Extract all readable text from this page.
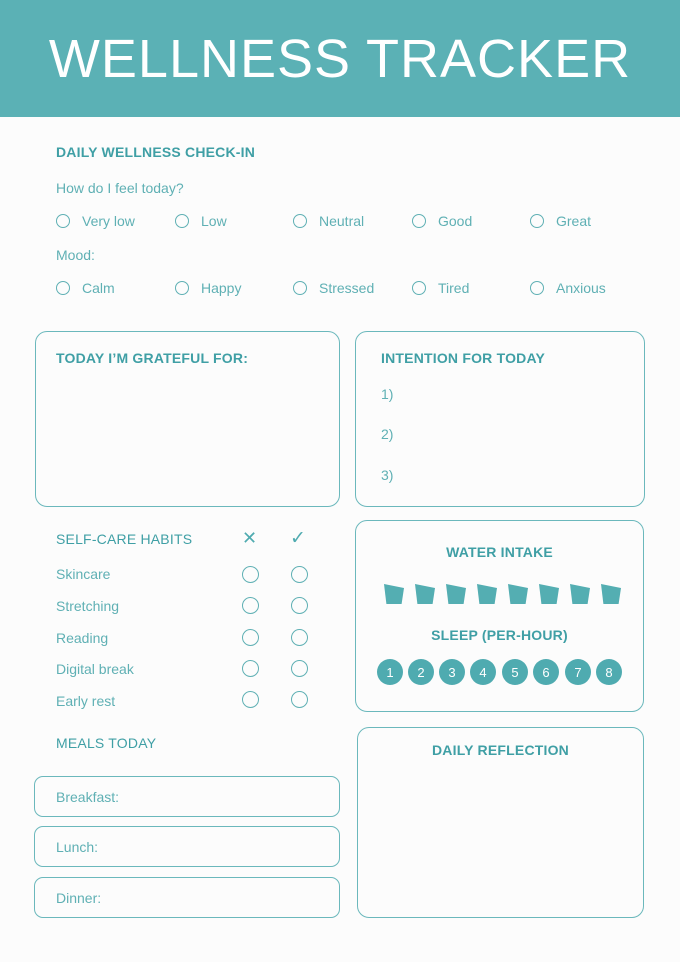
WELLNESS TRACKER
DAILY WELLNESS CHECK-IN
How do I feel today?
Very low	Low	Neutral	Good	Great
Mood:
Calm	Happy	Stressed	Tired	Anxious
TODAY I’M GRATEFUL FOR:	INTENTION FOR TODAY
1)
2)
3)
SELF-CARE HABITS	✕ ✓
Skincare
Stretching
Reading
Digital break
Early rest
WATER INTAKE
SLEEP (PER-HOUR)
1	2	3	4	5	6	7	8
MEALS TODAY
Breakfast:
Lunch:
Dinner:
DAILY REFLECTION
